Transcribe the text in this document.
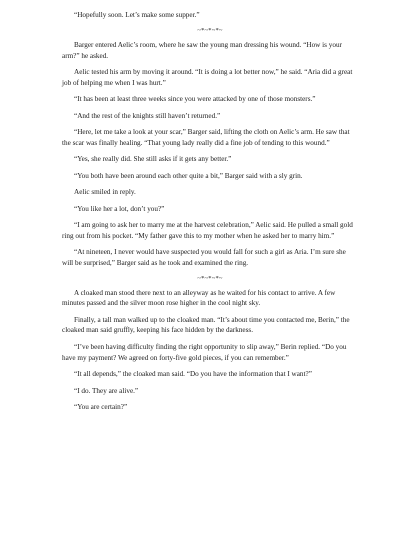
“Hopefully soon. Let’s make some supper.”

~*~*~*~

Barger entered Aelic’s room, where he saw the young man dressing his wound. “How is your arm?” he asked.

Aelic tested his arm by moving it around. “It is doing a lot better now,” he said. “Aria did a great job of helping me when I was hurt.”

“It has been at least three weeks since you were attacked by one of those monsters.”

“And the rest of the knights still haven’t returned.”

“Here, let me take a look at your scar,” Barger said, lifting the cloth on Aelic’s arm. He saw that the scar was finally healing. “That young lady really did a fine job of tending to this wound.”

“Yes, she really did. She still asks if it gets any better.”

“You both have been around each other quite a bit,” Barger said with a sly grin.

Aelic smiled in reply.

“You like her a lot, don’t you?”

“I am going to ask her to marry me at the harvest celebration,” Aelic said. He pulled a small gold ring out from his pocket. “My father gave this to my mother when he asked her to marry him.”

“At nineteen, I never would have suspected you would fall for such a girl as Aria. I’m sure she will be surprised,” Barger said as he took and examined the ring.

~*~*~*~

A cloaked man stood there next to an alleyway as he waited for his contact to arrive. A few minutes passed and the silver moon rose higher in the cool night sky.

Finally, a tall man walked up to the cloaked man. “It’s about time you contacted me, Berin,” the cloaked man said gruffly, keeping his face hidden by the darkness.

“I’ve been having difficulty finding the right opportunity to slip away,” Berin replied. “Do you have my payment? We agreed on forty-five gold pieces, if you can remember.”

“It all depends,” the cloaked man said. “Do you have the information that I want?”

“I do. They are alive.”

“You are certain?”
